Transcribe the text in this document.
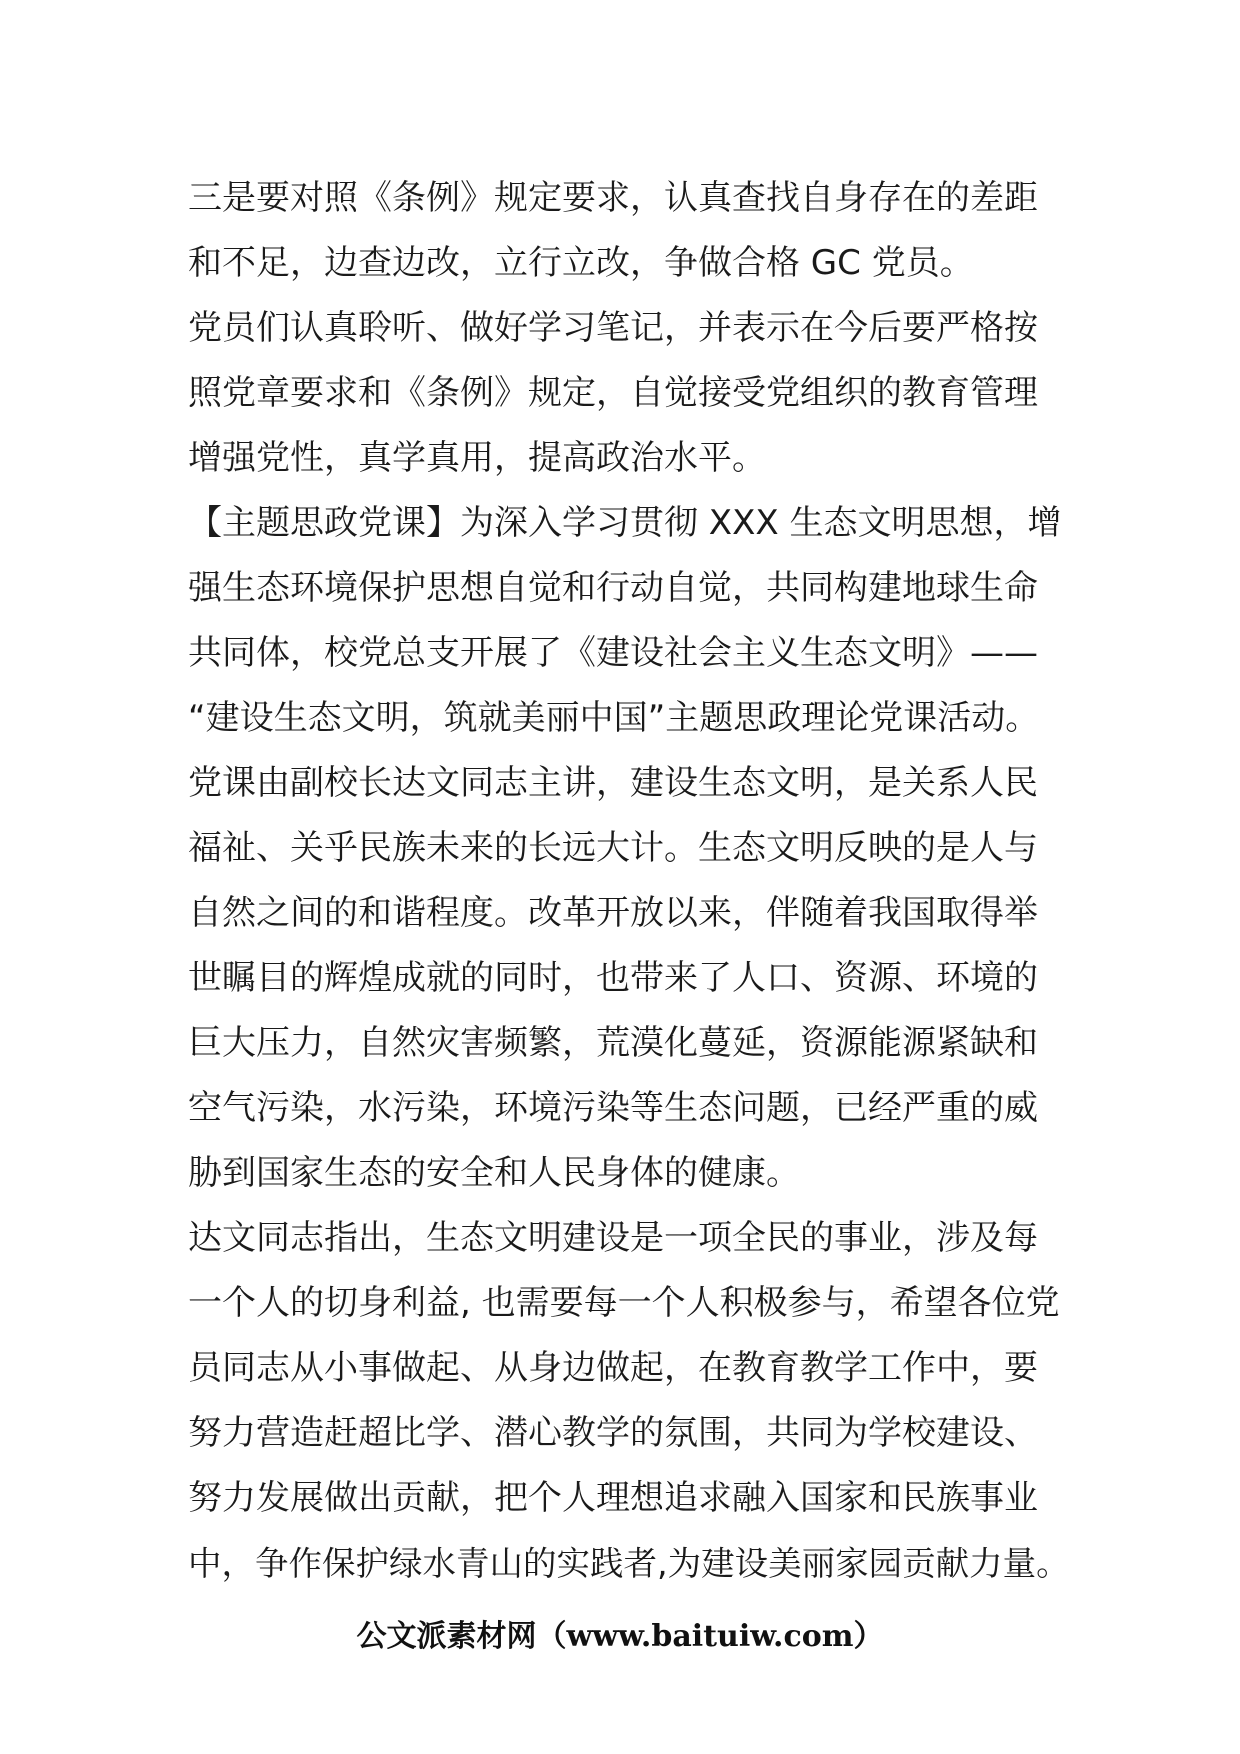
三是要对照《条例》规定要求，认真查找自身存在的差距
和不足，边查边改，立行立改，争做合格 GC 党员。
党员们认真聆听、做好学习笔记，并表示在今后要严格按
照党章要求和《条例》规定，自觉接受党组织的教育管理
增强党性，真学真用，提高政治水平。
【主题思政党课】为深入学习贯彻 XXX 生态文明思想，增
强生态环境保护思想自觉和行动自觉，共同构建地球生命
共同体，校党总支开展了《建设社会主义生态文明》——
“建设生态文明，筑就美丽中国”主题思政理论党课活动。
党课由副校长达文同志主讲，建设生态文明，是关系人民
福祉、关乎民族未来的长远大计。生态文明反映的是人与
自然之间的和谐程度。改革开放以来，伴随着我国取得举
世瞩目的辉煌成就的同时，也带来了人口、资源、环境的
巨大压力，自然灾害频繁，荒漠化蔓延，资源能源紧缺和
空气污染，水污染，环境污染等生态问题，已经严重的威
胁到国家生态的安全和人民身体的健康。
达文同志指出，生态文明建设是一项全民的事业，涉及每
一个人的切身利益, 也需要每一个人积极参与，希望各位党
员同志从小事做起、从身边做起，在教育教学工作中，要
努力营造赶超比学、潜心教学的氛围，共同为学校建设、
努力发展做出贡献，把个人理想追求融入国家和民族事业
中，争作保护绿水青山的实践者,为建设美丽家园贡献力量。
公文派素材网（www.baituiw.com）
